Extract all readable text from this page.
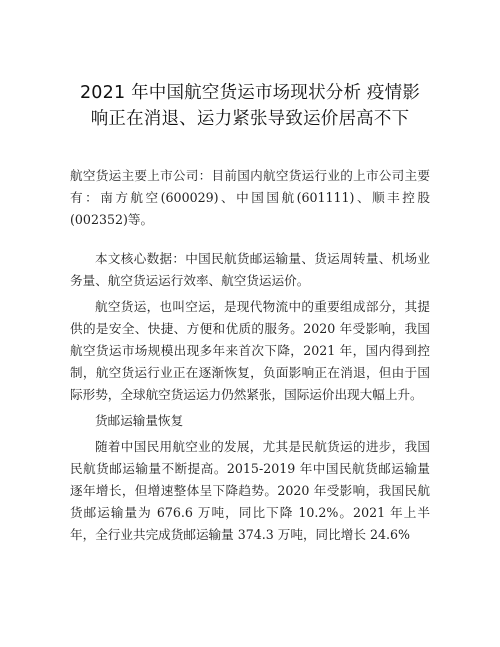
2021 年中国航空货运市场现状分析 疫情影
响正在消退、运力紧张导致运价居高不下

航空货运主要上市公司：目前国内航空货运行业的上市公司主要有：南方航空(600029)、中国国航(601111)、顺丰控股(002352)等。

本文核心数据：中国民航货邮运输量、货运周转量、机场业务量、航空货运运行效率、航空货运运价。

航空货运，也叫空运，是现代物流中的重要组成部分，其提供的是安全、快捷、方便和优质的服务。2020 年受影响，我国航空货运市场规模出现多年来首次下降，2021 年，国内得到控制，航空货运行业正在逐渐恢复，负面影响正在消退，但由于国际形势，全球航空货运运力仍然紧张，国际运价出现大幅上升。

货邮运输量恢复

随着中国民用航空业的发展，尤其是民航货运的进步，我国民航货邮运输量不断提高。2015-2019 年中国民航货邮运输量逐年增长，但增速整体呈下降趋势。2020 年受影响，我国民航货邮运输量为 676.6 万吨，同比下降 10.2%。2021 年上半年，全行业共完成货邮运输量 374.3 万吨，同比增长 24.6%
